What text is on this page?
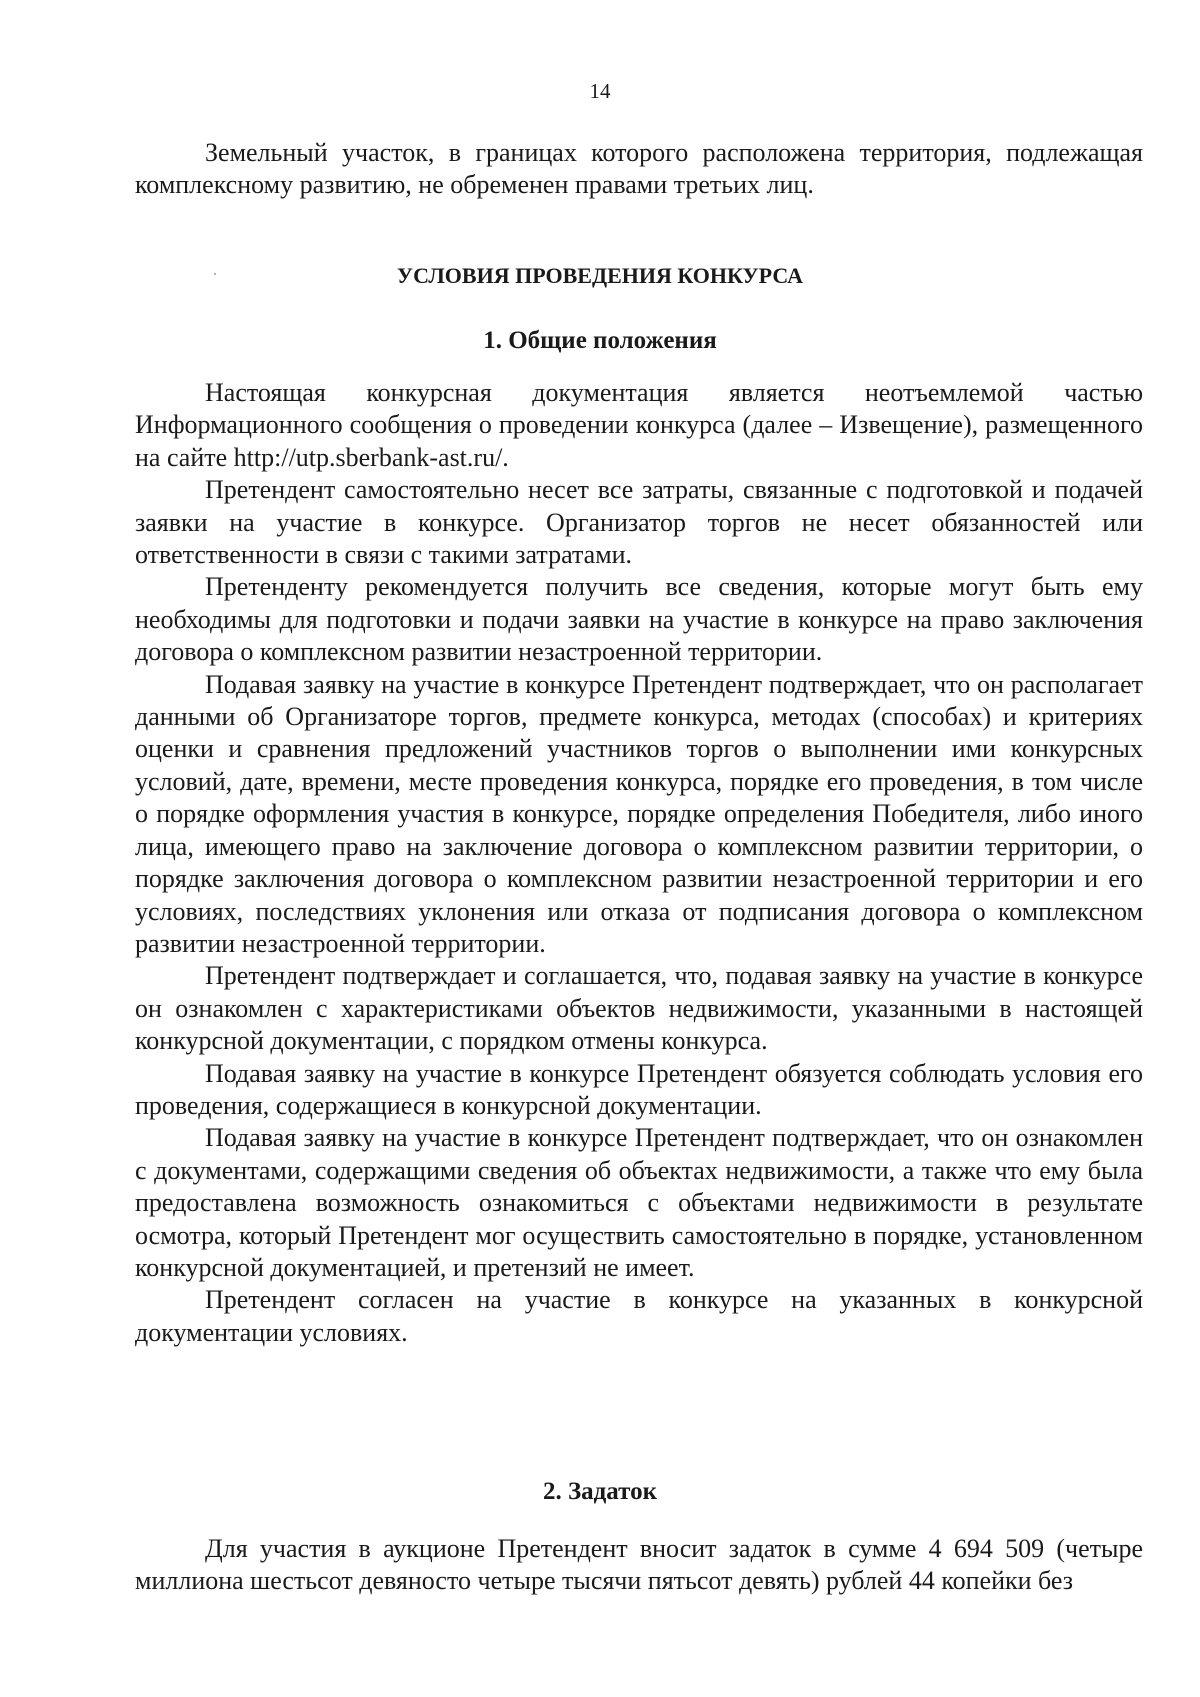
14

Земельный участок, в границах которого расположена территория, подлежащая комплексному развитию, не обременен правами третьих лиц.

УСЛОВИЯ ПРОВЕДЕНИЯ КОНКУРСА
1. Общие положения

Настоящая конкурсная документация является неотъемлемой частью Информационного сообщения о проведении конкурса (далее – Извещение), размещенного на сайте http://utp.sberbank-ast.ru/.

Претендент самостоятельно несет все затраты, связанные с подготовкой и подачей заявки на участие в конкурсе. Организатор торгов не несет обязанностей или ответственности в связи с такими затратами.

Претенденту рекомендуется получить все сведения, которые могут быть ему необходимы для подготовки и подачи заявки на участие в конкурсе на право заключения договора о комплексном развитии незастроенной территории.

Подавая заявку на участие в конкурсе Претендент подтверждает, что он располагает данными об Организаторе торгов, предмете конкурса, методах (способах) и критериях оценки и сравнения предложений участников торгов о выполнении ими конкурсных условий, дате, времени, месте проведения конкурса, порядке его проведения, в том числе о порядке оформления участия в конкурсе, порядке определения Победителя, либо иного лица, имеющего право на заключение договора о комплексном развитии территории, о порядке заключения договора о комплексном развитии незастроенной территории и его условиях, последствиях уклонения или отказа от подписания договора о комплексном развитии незастроенной территории.

Претендент подтверждает и соглашается, что, подавая заявку на участие в конкурсе он ознакомлен с характеристиками объектов недвижимости, указанными в настоящей конкурсной документации, с порядком отмены конкурса.

Подавая заявку на участие в конкурсе Претендент обязуется соблюдать условия его проведения, содержащиеся в конкурсной документации.

Подавая заявку на участие в конкурсе Претендент подтверждает, что он ознакомлен с документами, содержащими сведения об объектах недвижимости, а также что ему была предоставлена возможность ознакомиться с объектами недвижимости в результате осмотра, который Претендент мог осуществить самостоятельно в порядке, установленном конкурсной документацией, и претензий не имеет.

Претендент согласен на участие в конкурсе на указанных в конкурсной документации условиях.

2. Задаток

Для участия в аукционе Претендент вносит задаток в сумме 4 694 509 (четыре миллиона шестьсот девяносто четыре тысячи пятьсот девять) рублей 44 копейки без
